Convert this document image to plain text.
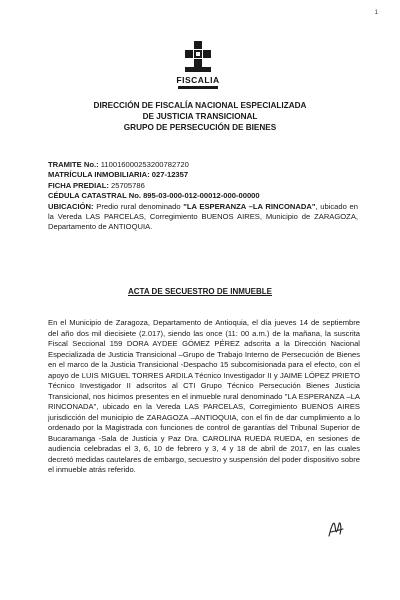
1
FISCALIA
DIRECCIÓN DE FISCALÍA NACIONAL ESPECIALIZADA
DE JUSTICIA TRANSICIONAL
GRUPO DE PERSECUCIÓN DE BIENES
TRAMITE No.: 110016000253200782720
MATRÍCULA INMOBILIARIA: 027-12357
FICHA PREDIAL: 25705786
CÉDULA CATASTRAL No. 895-03-000-012-00012-000-00000
UBICACIÓN: Predio rural denominado "LA ESPERANZA –LA RINCONADA", ubicado en la Vereda LAS PARCELAS, Corregimiento BUENOS AIRES, Municipio de ZARAGOZA, Departamento de ANTIOQUIA.
ACTA DE SECUESTRO DE INMUEBLE
En el Municipio de Zaragoza, Departamento de Antioquia, el día jueves 14 de septiembre del año dos mil diecisiete (2.017), siendo las once (11: 00 a.m.) de la mañana, la suscrita Fiscal Seccional 159 DORA AYDEE GÓMEZ PÉREZ adscrita a la Dirección Nacional Especializada de Justicia Transicional –Grupo de Trabajo Interno de Persecución de Bienes en el marco de la Justicia Transicional -Despacho 15 subcomisionada para el efecto, con el apoyo de LUIS MIGUEL TORRES ARDILA Técnico Investigador II y JAIME LÓPEZ PRIETO Técnico Investigador II adscritos al CTI Grupo Técnico Persecución Bienes Justicia Transicional, nos hicimos presentes en el inmueble rural denominado "LA ESPERANZA –LA RINCONADA", ubicado en la Vereda LAS PARCELAS, Corregimiento BUENOS AIRES jurisdicción del municipio de ZARAGOZA –ANTIOQUIA, con el fin de dar cumplimiento a lo ordenado por la Magistrada con funciones de control de garantías del Tribunal Superior de Bucaramanga -Sala de Justicia y Paz Dra. CAROLINA RUEDA RUEDA, en sesiones de audiencia celebradas el 3, 6, 10 de febrero y 3, 4 y 18 de abril de 2017, en las cuales decretó medidas cautelares de embargo, secuestro y suspensión del poder dispositivo sobre el inmueble atrás referido.
